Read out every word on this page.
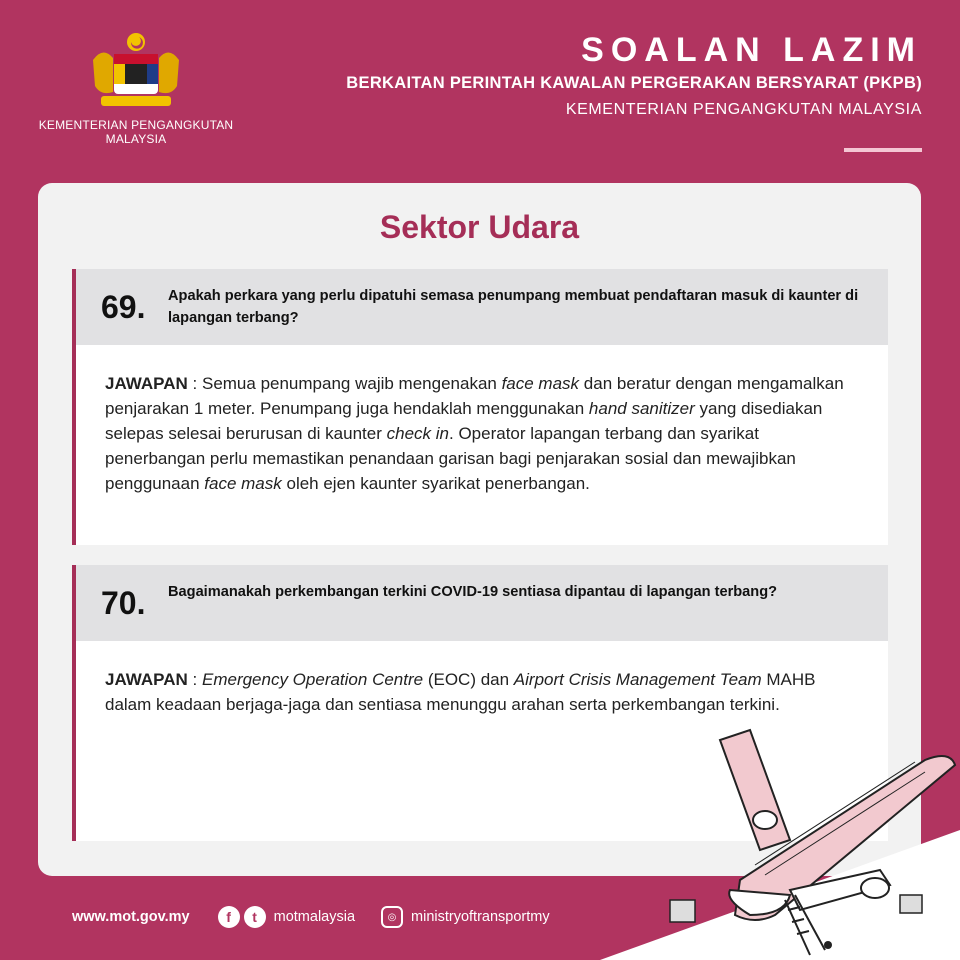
KEMENTERIAN PENGANGKUTAN
MALAYSIA
SOALAN LAZIM
BERKAITAN PERINTAH KAWALAN PERGERAKAN BERSYARAT (PKPB)
KEMENTERIAN PENGANGKUTAN MALAYSIA
Sektor Udara
69. Apakah perkara yang perlu dipatuhi semasa penumpang membuat pendaftaran masuk di kaunter di lapangan terbang?
JAWAPAN : Semua penumpang wajib mengenakan face mask dan beratur dengan mengamalkan penjarakan 1 meter. Penumpang juga hendaklah menggunakan hand sanitizer yang disediakan selepas selesai berurusan di kaunter check in. Operator lapangan terbang dan syarikat penerbangan perlu memastikan penandaan garisan bagi penjarakan sosial dan mewajibkan penggunaan face mask oleh ejen kaunter syarikat penerbangan.
70. Bagaimanakah perkembangan terkini COVID-19 sentiasa dipantau di lapangan terbang?
JAWAPAN : Emergency Operation Centre (EOC) dan Airport Crisis Management Team MAHB dalam keadaan berjaga-jaga dan sentiasa menunggu arahan serta perkembangan terkini.
www.mot.gov.my	f	t	motmalaysia	◎	ministryoftransportmy
